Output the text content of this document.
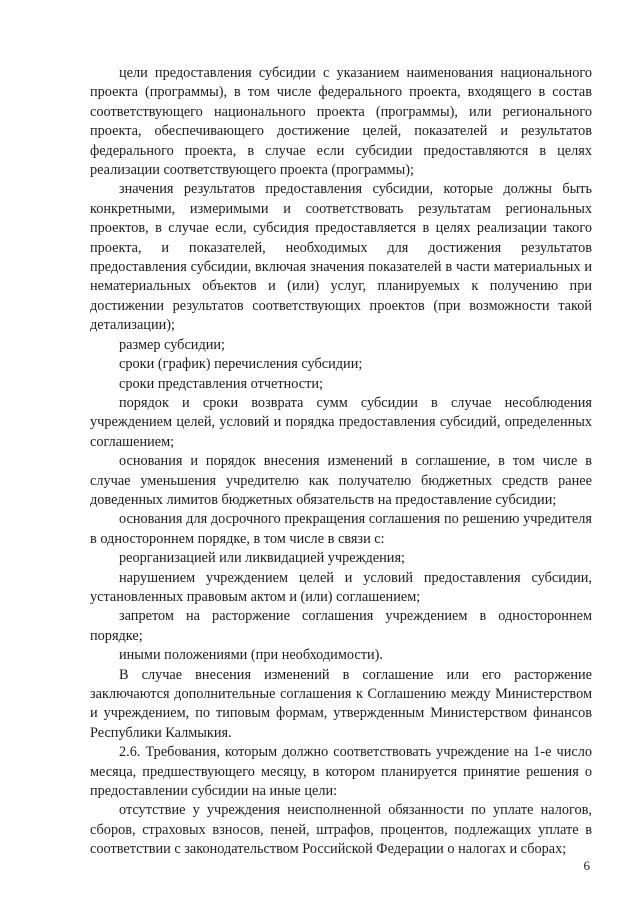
цели предоставления субсидии с указанием наименования национального проекта (программы), в том числе федерального проекта, входящего в состав соответствующего национального проекта (программы), или регионального проекта, обеспечивающего достижение целей, показателей и результатов федерального проекта, в случае если субсидии предоставляются в целях реализации соответствующего проекта (программы);

значения результатов предоставления субсидии, которые должны быть конкретными, измеримыми и соответствовать результатам региональных проектов, в случае если, субсидия предоставляется в целях реализации такого проекта, и показателей, необходимых для достижения результатов предоставления субсидии, включая значения показателей в части материальных и нематериальных объектов и (или) услуг, планируемых к получению при достижении результатов соответствующих проектов (при возможности такой детализации);

размер субсидии;

сроки (график) перечисления субсидии;

сроки представления отчетности;

порядок и сроки возврата сумм субсидии в случае несоблюдения учреждением целей, условий и порядка предоставления субсидий, определенных соглашением;

основания и порядок внесения изменений в соглашение, в том числе в случае уменьшения учредителю как получателю бюджетных средств ранее доведенных лимитов бюджетных обязательств на предоставление субсидии;

основания для досрочного прекращения соглашения по решению учредителя в одностороннем порядке, в том числе в связи с:

реорганизацией или ликвидацией учреждения;

нарушением учреждением целей и условий предоставления субсидии, установленных правовым актом и (или) соглашением;

запретом на расторжение соглашения учреждением в одностороннем порядке;

иными положениями (при необходимости).

В случае внесения изменений в соглашение или его расторжение заключаются дополнительные соглашения к Соглашению между Министерством и учреждением, по типовым формам, утвержденным Министерством финансов Республики Калмыкия.

2.6. Требования, которым должно соответствовать учреждение на 1-е число месяца, предшествующего месяцу, в котором планируется принятие решения о предоставлении субсидии на иные цели:

отсутствие у учреждения неисполненной обязанности по уплате налогов, сборов, страховых взносов, пеней, штрафов, процентов, подлежащих уплате в соответствии с законодательством Российской Федерации о налогах и сборах;

6
